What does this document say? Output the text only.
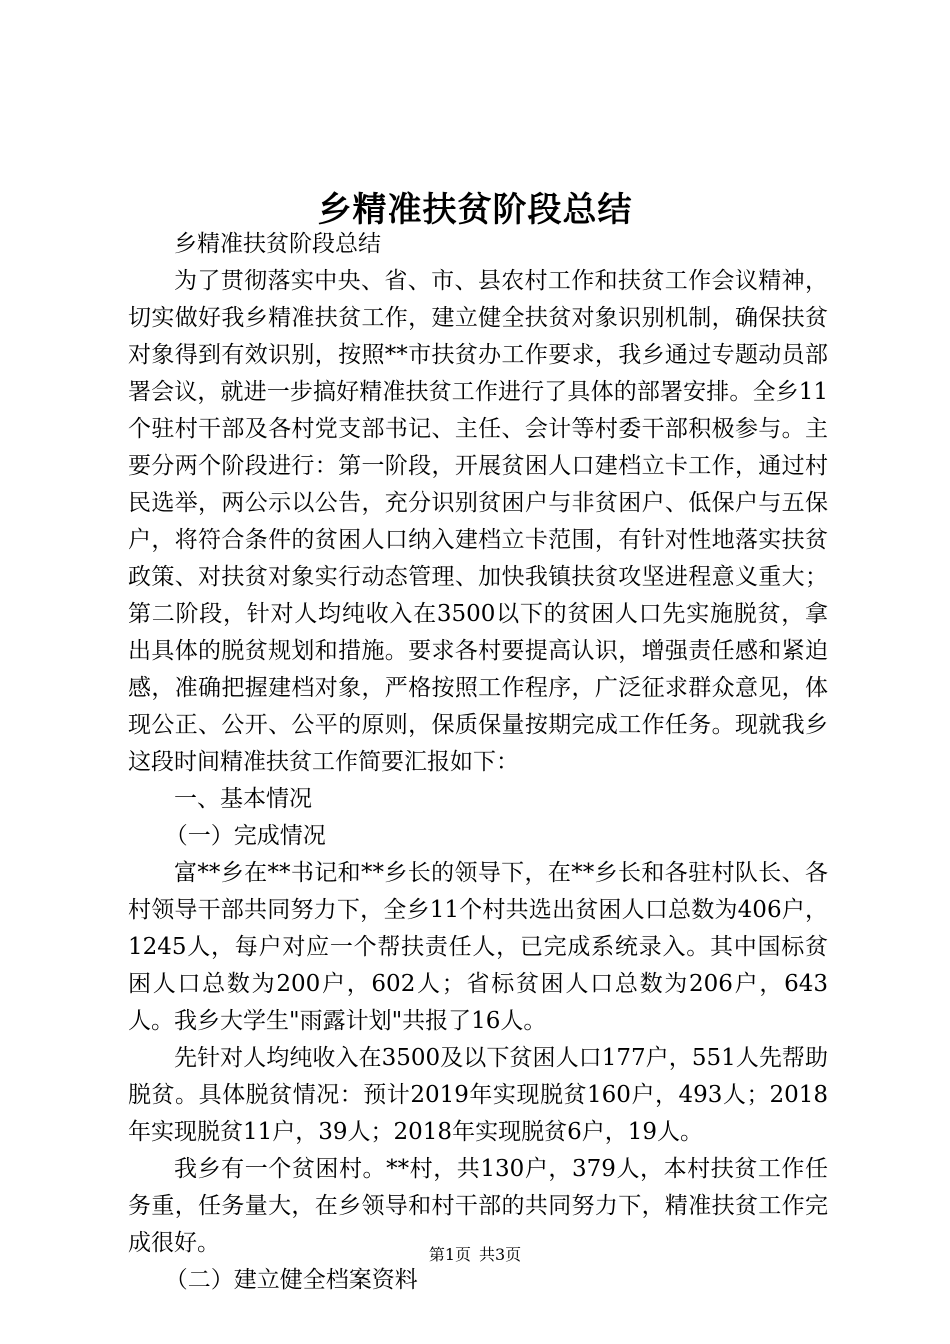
乡精准扶贫阶段总结

乡精准扶贫阶段总结

为了贯彻落实中央、省、市、县农村工作和扶贫工作会议精神，切实做好我乡精准扶贫工作，建立健全扶贫对象识别机制，确保扶贫对象得到有效识别，按照**市扶贫办工作要求，我乡通过专题动员部署会议，就进一步搞好精准扶贫工作进行了具体的部署安排。全乡11个驻村干部及各村党支部书记、主任、会计等村委干部积极参与。主要分两个阶段进行：第一阶段，开展贫困人口建档立卡工作，通过村民选举，两公示以公告，充分识别贫困户与非贫困户、低保户与五保户，将符合条件的贫困人口纳入建档立卡范围，有针对性地落实扶贫政策、对扶贫对象实行动态管理、加快我镇扶贫攻坚进程意义重大；第二阶段，针对人均纯收入在3500以下的贫困人口先实施脱贫，拿出具体的脱贫规划和措施。要求各村要提高认识，增强责任感和紧迫感，准确把握建档对象，严格按照工作程序，广泛征求群众意见，体现公正、公开、公平的原则，保质保量按期完成工作任务。现就我乡这段时间精准扶贫工作简要汇报如下：

一、基本情况

（一）完成情况

富**乡在**书记和**乡长的领导下，在**乡长和各驻村队长、各村领导干部共同努力下，全乡11个村共选出贫困人口总数为406户，1245人，每户对应一个帮扶责任人，已完成系统录入。其中国标贫困人口总数为200户，602人；省标贫困人口总数为206户，643人。我乡大学生"雨露计划"共报了16人。

先针对人均纯收入在3500及以下贫困人口177户，551人先帮助脱贫。具体脱贫情况：预计2019年实现脱贫160户，493人；2018年实现脱贫11户，39人；2018年实现脱贫6户，19人。

我乡有一个贫困村。**村，共130户，379人，本村扶贫工作任务重，任务量大，在乡领导和村干部的共同努力下，精准扶贫工作完成很好。

（二）建立健全档案资料

第1页 共3页
